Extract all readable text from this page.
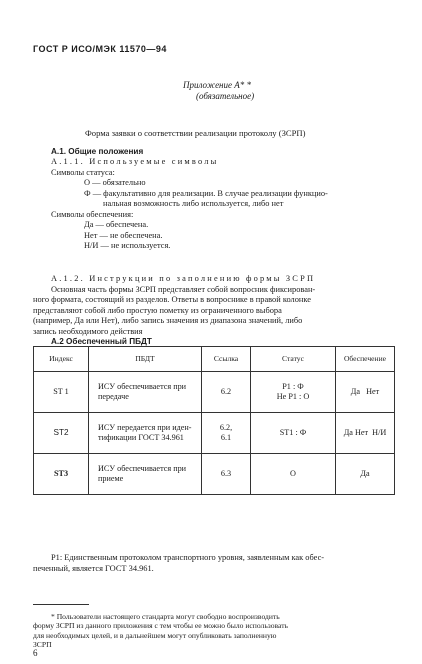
ГОСТ Р ИСО/МЭК 11570—94
Приложение А* *
(обязательное)
Форма заявки о соответствии реализации протоколу (ЗСРП)
А.1. Общие положения
А.1.1. Используемые символы
Символы статуса:
О — обязательно
Ф — факультативно для реализации. В случае реализации функцио-
нальная возможность либо используется, либо нет
Символы обеспечения:
Да — обеспечена.
Нет — не обеспечена.
Н/И — не используется.
А.1.2. Инструкции по заполнению формы ЗСРП
Основная часть формы ЗСРП представляет собой вопросник фиксирован-
ного формата, состоящий из разделов. Ответы в вопроснике в правой колонке
представляют собой либо простую пометку из ограниченного выбора
(например, Да или Нет), либо запись значения из диапазона значений, либо
запись необходимого действия
А.2 Обеспеченный ПБДТ
Индекс	ПБДТ	Ссылка	Статус	Обеспечение
ST 1	ИСУ обеспечивается при
передаче	6.2	P1 : Ф
Не P1 : О	Да   Нет
ST2	ИСУ передается при иден-
тификации ГОСТ 34.961	6.2,
6.1	ST1 : Ф	Да Нет  Н/И
ST3	ИСУ обеспечивается при
приеме	6.3	О	Да
P1: Единственным протоколом транспортного уровня, заявленным как обес-
печенный, является ГОСТ 34.961.
* Пользователи настоящего стандарта могут свободно воспроизводить
форму ЗСРП из данного приложения с тем чтобы ее можно было использовать
для необходимых целей, и в дальнейшем могут опубликовать заполненную
ЗСРП
6
